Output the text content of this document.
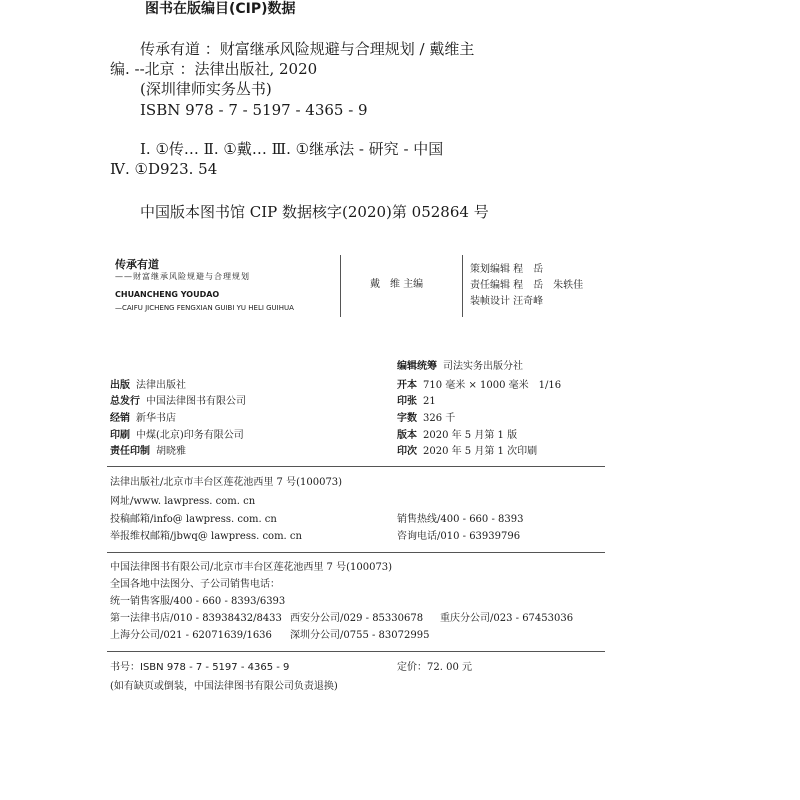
图书在版编目(CIP)数据
传承有道 ：财富继承风险规避与合理规划 / 戴维主
编. --北京 ：法律出版社, 2020
(深圳律师实务丛书)
ISBN 978 - 7 - 5197 - 4365 - 9
Ⅰ. ①传… Ⅱ. ①戴… Ⅲ. ①继承法 - 研究 - 中国
Ⅳ. ①D923. 54
中国版本图书馆 CIP 数据核字(2020)第 052864 号
传承有道
——财富继承风险规避与合理规划
CHUANCHENG YOUDAO
—CAIFU JICHENG FENGXIAN GUIBI YU HELI GUIHUA
戴　维 主编
策划编辑 程　岳
责任编辑 程　岳　朱轶佳
装帧设计 汪奇峰
编辑统筹 司法实务出版分社
出版 法律出版社	开本 710 毫米 × 1000 毫米　1/16
总发行 中国法律图书有限公司	印张 21
经销 新华书店	字数 326 千
印刷 中煤(北京)印务有限公司	版本 2020 年 5 月第 1 版
责任印制 胡晓雅	印次 2020 年 5 月第 1 次印刷
法律出版社/北京市丰台区莲花池西里 7 号(100073)
网址/www. lawpress. com. cn
投稿邮箱/info@ lawpress. com. cn	销售热线/400 - 660 - 8393
举报维权邮箱/jbwq@ lawpress. com. cn	咨询电话/010 - 63939796
中国法律图书有限公司/北京市丰台区莲花池西里 7 号(100073)
全国各地中法图分、子公司销售电话：
统一销售客服/400 - 660 - 8393/6393
第一法律书店/010 - 83938432/8433 西安分公司/029 - 85330678 重庆分公司/023 - 67453036
上海分公司/021 - 62071639/1636 深圳分公司/0755 - 83072995
书号：ISBN 978 - 7 - 5197 - 4365 - 9	定价：72. 00 元
(如有缺页或倒装，中国法律图书有限公司负责退换)
